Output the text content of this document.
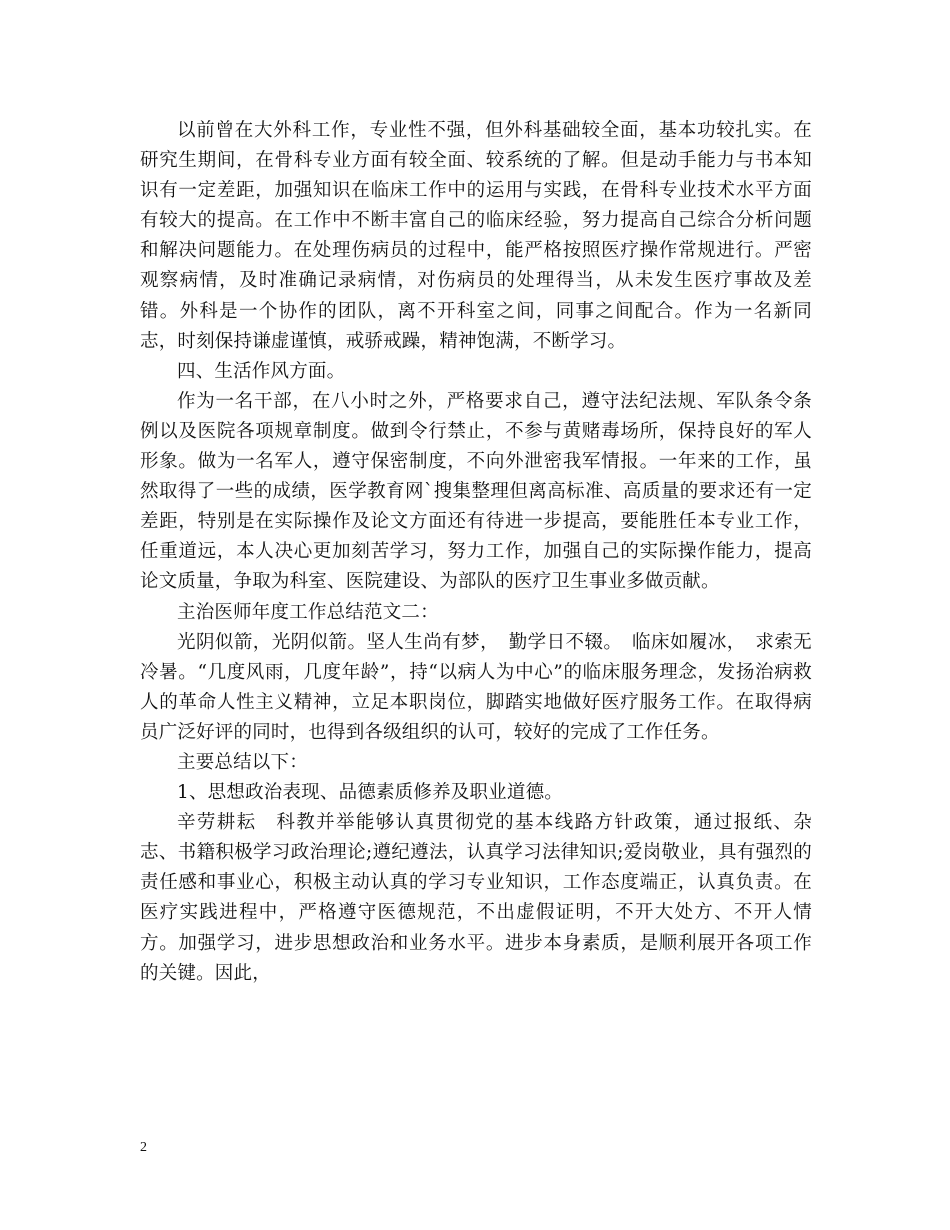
以前曾在大外科工作，专业性不强，但外科基础较全面，基本功较扎实。在研究生期间，在骨科专业方面有较全面、较系统的了解。但是动手能力与书本知识有一定差距，加强知识在临床工作中的运用与实践，在骨科专业技术水平方面有较大的提高。在工作中不断丰富自己的临床经验，努力提高自己综合分析问题和解决问题能力。在处理伤病员的过程中，能严格按照医疗操作常规进行。严密观察病情，及时准确记录病情，对伤病员的处理得当，从未发生医疗事故及差错。外科是一个协作的团队，离不开科室之间，同事之间配合。作为一名新同志，时刻保持谦虚谨慎，戒骄戒躁，精神饱满，不断学习。

四、生活作风方面。

作为一名干部，在八小时之外，严格要求自己，遵守法纪法规、军队条令条例以及医院各项规章制度。做到令行禁止，不参与黄赌毒场所，保持良好的军人形象。做为一名军人，遵守保密制度，不向外泄密我军情报。一年来的工作，虽然取得了一些的成绩，医学教育网`搜集整理但离高标准、高质量的要求还有一定差距，特别是在实际操作及论文方面还有待进一步提高，要能胜任本专业工作，任重道远，本人决心更加刻苦学习，努力工作，加强自己的实际操作能力，提高论文质量，争取为科室、医院建设、为部队的医疗卫生事业多做贡献。

主治医师年度工作总结范文二：

光阴似箭，光阴似箭。坚人生尚有梦，　勤学日不辍。　临床如履冰，　求索无冷暑。“几度风雨，几度年龄”，持“以病人为中心”的临床服务理念，发扬治病救人的革命人性主义精神，立足本职岗位，脚踏实地做好医疗服务工作。在取得病员广泛好评的同时，也得到各级组织的认可，较好的完成了工作任务。

主要总结以下：

1、思想政治表现、品德素质修养及职业道德。

辛劳耕耘　科教并举能够认真贯彻党的基本线路方针政策，通过报纸、杂志、书籍积极学习政治理论;遵纪遵法，认真学习法律知识;爱岗敬业，具有强烈的责任感和事业心，积极主动认真的学习专业知识，工作态度端正，认真负责。在医疗实践进程中，严格遵守医德规范，不出虚假证明，不开大处方、不开人情方。加强学习，进步思想政治和业务水平。进步本身素质，是顺利展开各项工作的关键。因此，

2
